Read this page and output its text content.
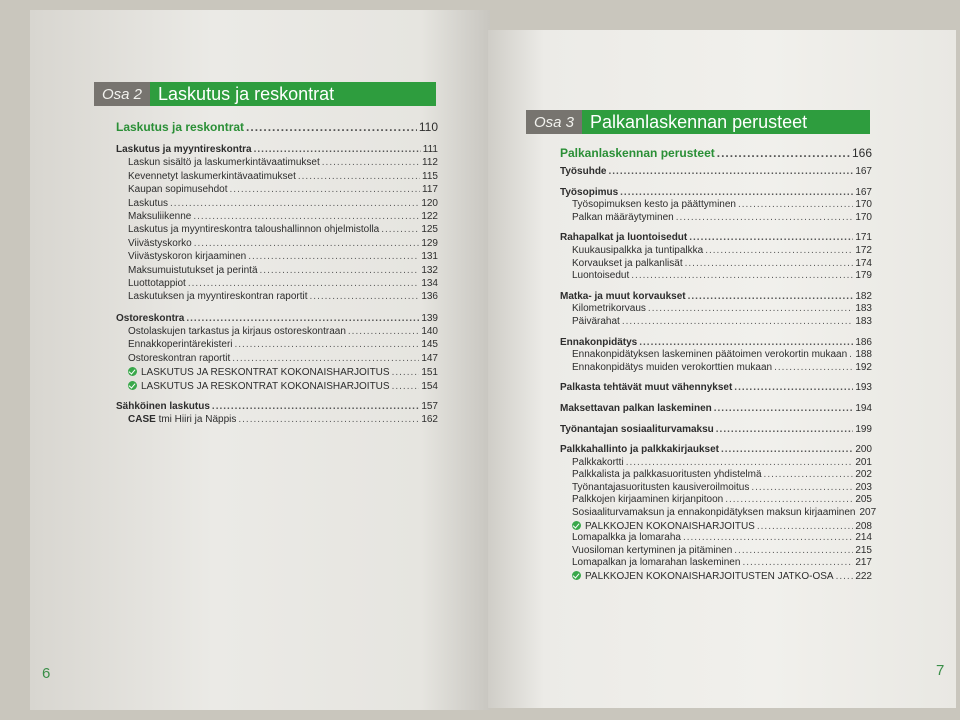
Osa 2 Laskutus ja reskontrat
Laskutus ja reskontrat .....	110
Laskutus ja myyntireskontra .....	111
Laskun sisältö ja laskumerkintävaatimukset .....	112
Kevennetyt laskumerkintävaatimukset .....	115
Kaupan sopimusehdot .....	117
Laskutus .....	120
Maksuliikenne .....	122
Laskutus ja myyntireskontra taloushallinnon ohjelmistolla .....	125
Viivästyskorko .....	129
Viivästyskoron kirjaaminen .....	131
Maksumuistutukset ja perintä .....	132
Luottotappiot .....	134
Laskutuksen ja myyntireskontran raportit .....	136
Ostoreskontra .....	139
Ostolaskujen tarkastus ja kirjaus ostoreskontraan .....	140
Ennakkoperintärekisteri .....	145
Ostoreskontran raportit .....	147
LASKUTUS JA RESKONTRAT KOKONAISHARJOITUS .....	151
LASKUTUS JA RESKONTRAT KOKONAISHARJOITUS .....	154
Sähköinen laskutus .....	157
CASE tmi Hiiri ja Näppis .....	162
6
Osa 3 Palkanlaskennan perusteet
Palkanlaskennan perusteet .....	166
Työsuhde .....	167
Työsopimus .....	167
Työsopimuksen kesto ja päättyminen .....	170
Palkan määräytyminen .....	170
Rahapalkat ja luontoisedut .....	171
Kuukausipalkka ja tuntipalkka .....	172
Korvaukset ja palkanlisät .....	174
Luontoisedut .....	179
Matka- ja muut korvaukset .....	182
Kilometrikorvaus .....	183
Päivärahat .....	183
Ennakonpidätys .....	186
Ennakonpidätyksen laskeminen päätoimen verokortin mukaan ..... 188
Ennakonpidätys muiden verokorttien mukaan .....	192
Palkasta tehtävät muut vähennykset .....	193
Maksettavan palkan laskeminen .....	194
Työnantajan sosiaaliturvamaksu .....	199
Palkkahallinto ja palkkakirjaukset .....	200
Palkkakortti .....	201
Palkkalista ja palkkasuoritusten yhdistelmä .....	202
Työnantajasuoritusten kausiveroilmoitus .....	203
Palkkojen kirjaaminen kirjanpitoon .....	205
Sosiaaliturvamaksun ja ennakonpidätyksen maksun kirjaaminen 207
PALKKOJEN KOKONAISHARJOITUS .....	208
Lomapalkka ja lomaraha .....	214
Vuosiloman kertyminen ja pitäminen .....	215
Lomapalkan ja lomarahan laskeminen .....	217
PALKKOJEN KOKONAISHARJOITUSTEN JATKO-OSA ..... 222
7
